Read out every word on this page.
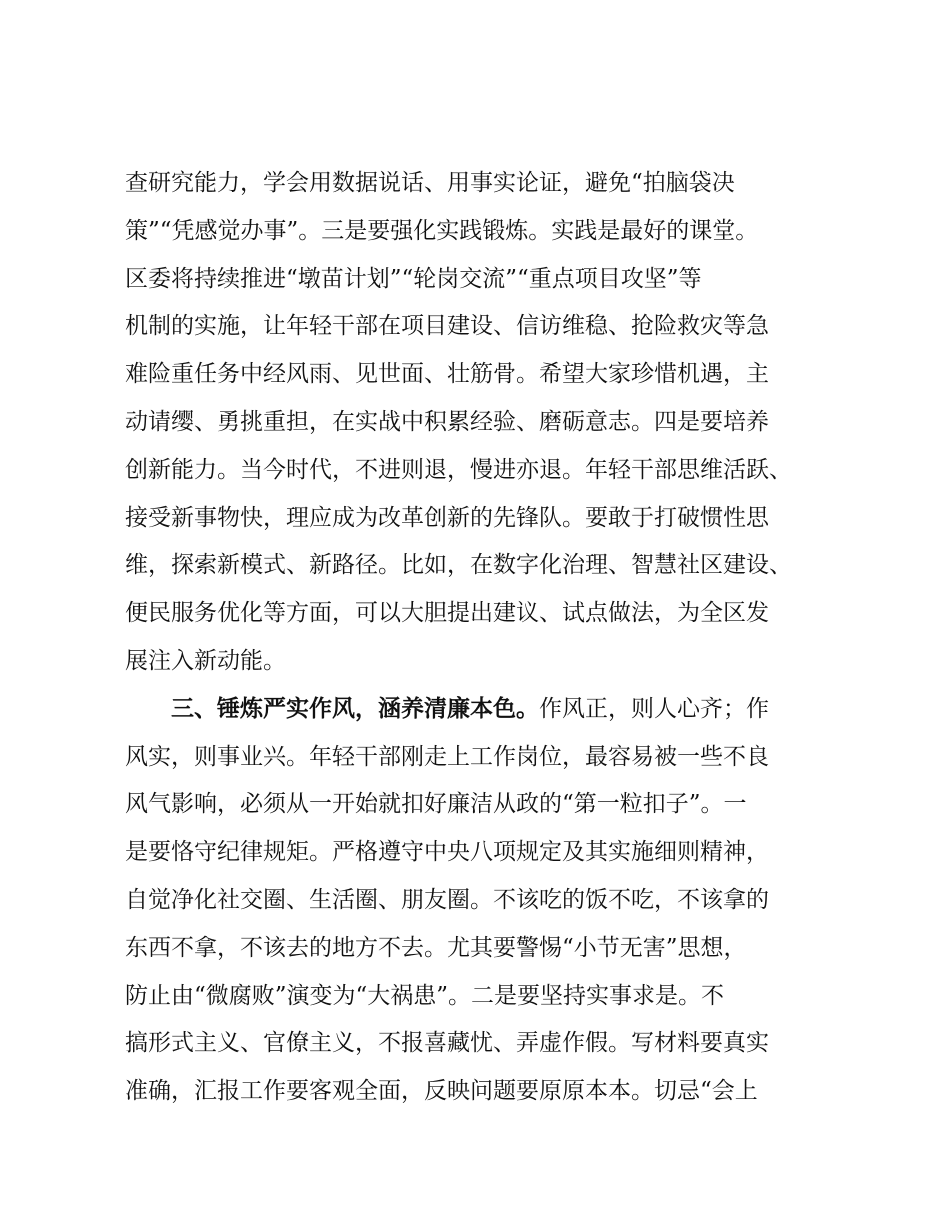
查研究能力，学会用数据说话、用事实论证，避免“拍脑袋决
策”“凭感觉办事”。三是要强化实践锻炼。实践是最好的课堂。
区委将持续推进“墩苗计划”“轮岗交流”“重点项目攻坚”等
机制的实施，让年轻干部在项目建设、信访维稳、抢险救灾等急
难险重任务中经风雨、见世面、壮筋骨。希望大家珍惜机遇，主
动请缨、勇挑重担，在实战中积累经验、磨砺意志。四是要培养
创新能力。当今时代，不进则退，慢进亦退。年轻干部思维活跃、
接受新事物快，理应成为改革创新的先锋队。要敢于打破惯性思
维，探索新模式、新路径。比如，在数字化治理、智慧社区建设、
便民服务优化等方面，可以大胆提出建议、试点做法，为全区发
展注入新动能。
三、锤炼严实作风，涵养清廉本色。作风正，则人心齐；作
风实，则事业兴。年轻干部刚走上工作岗位，最容易被一些不良
风气影响，必须从一开始就扣好廉洁从政的“第一粒扣子”。一
是要恪守纪律规矩。严格遵守中央八项规定及其实施细则精神，
自觉净化社交圈、生活圈、朋友圈。不该吃的饭不吃，不该拿的
东西不拿，不该去的地方不去。尤其要警惕“小节无害”思想，
防止由“微腐败”演变为“大祸患”。二是要坚持实事求是。不
搞形式主义、官僚主义，不报喜藏忧、弄虚作假。写材料要真实
准确，汇报工作要客观全面，反映问题要原原本本。切忌“会上
